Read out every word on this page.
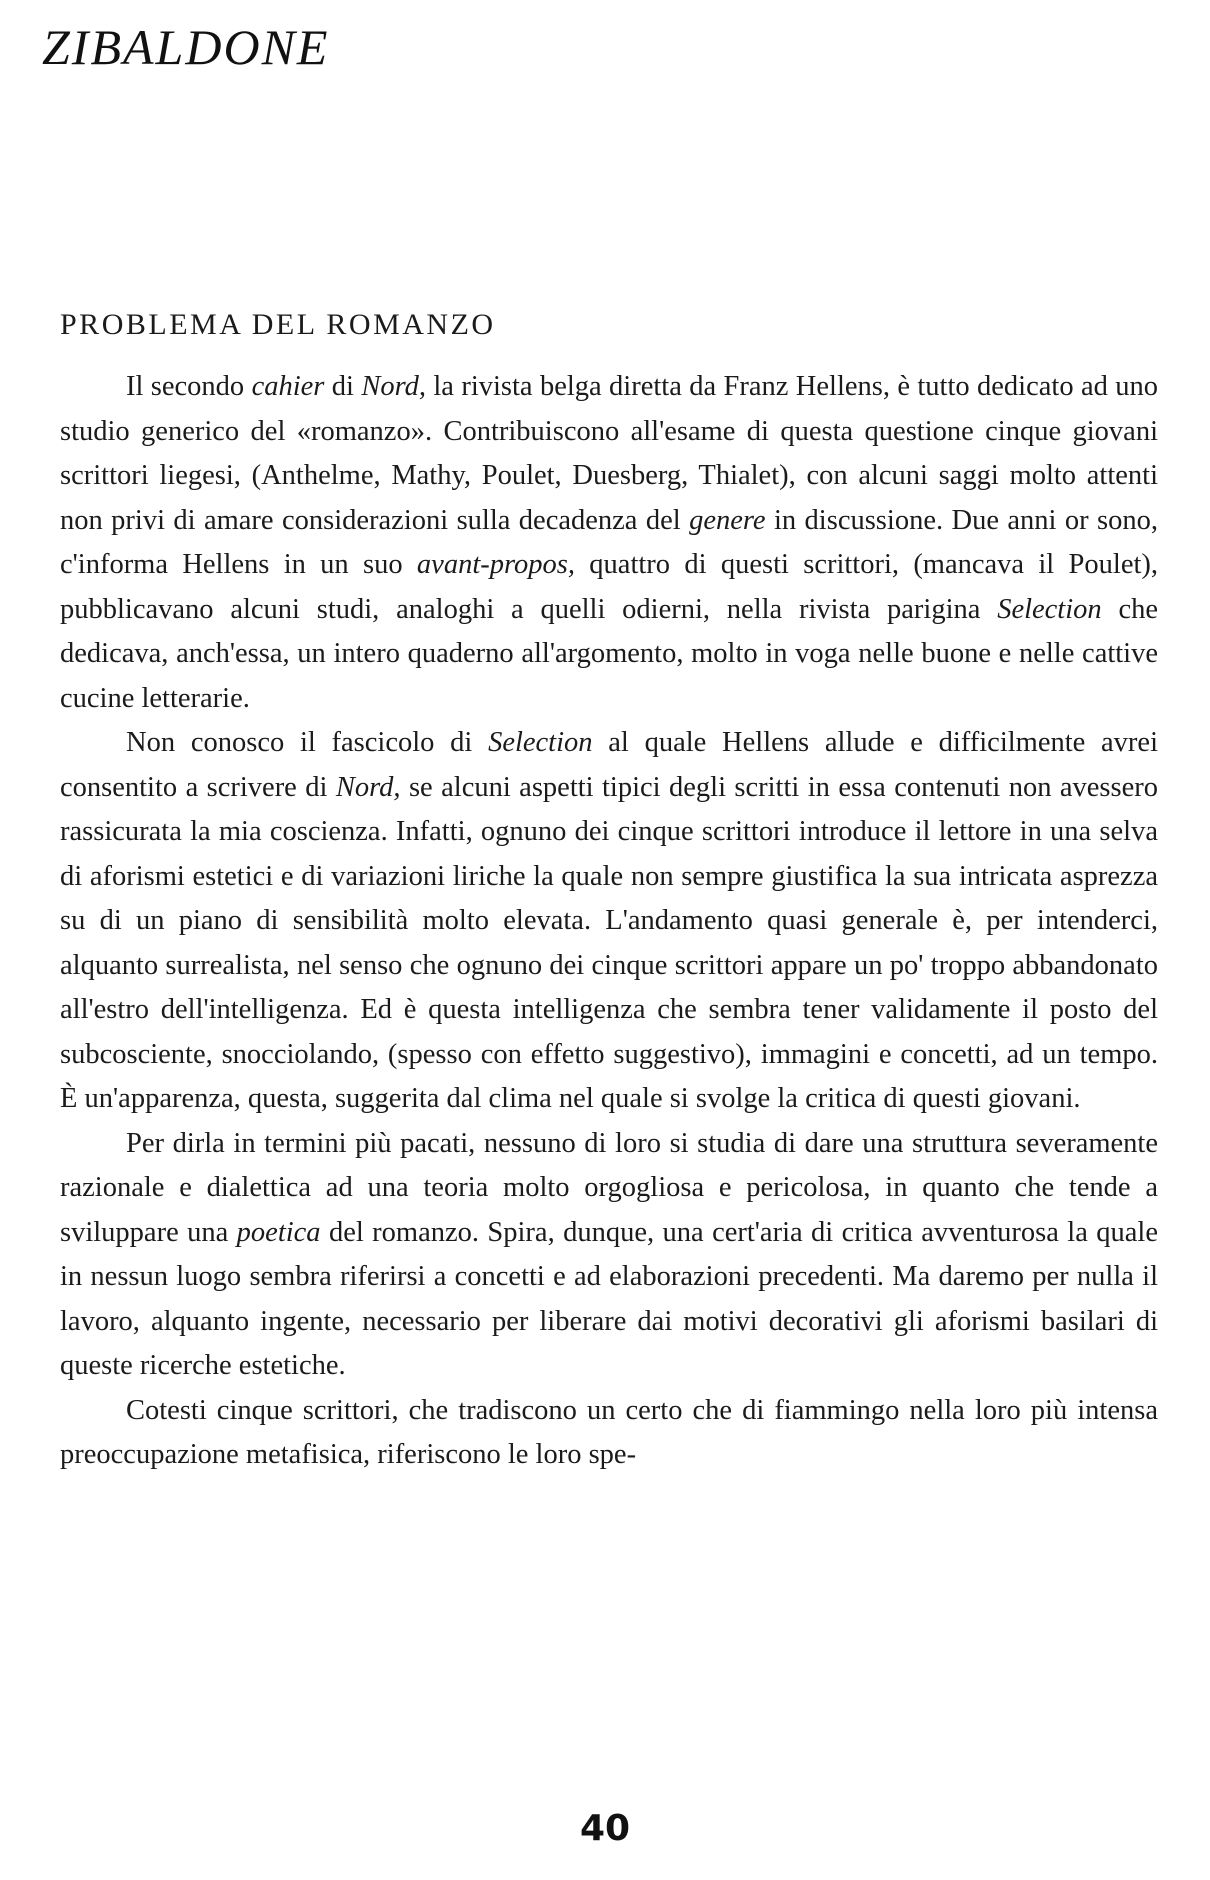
ZIBALDONE
PROBLEMA DEL ROMANZO

Il secondo cahier di Nord, la rivista belga diretta da Franz Hellens, è tutto dedicato ad uno studio generico del «romanzo». Contribuiscono all'esame di questa questione cinque giovani scrittori liegesi, (Anthelme, Mathy, Poulet, Duesberg, Thialet), con alcuni saggi molto attenti non privi di amare considerazioni sulla decadenza del genere in discussione. Due anni or sono, c'informa Hellens in un suo avant-propos, quattro di questi scrittori, (mancava il Poulet), pubblicavano alcuni studi, analoghi a quelli odierni, nella rivista parigina Selection che dedicava, anch'essa, un intero quaderno all'argomento, molto in voga nelle buone e nelle cattive cucine letterarie.

Non conosco il fascicolo di Selection al quale Hellens allude e difficilmente avrei consentito a scrivere di Nord, se alcuni aspetti tipici degli scritti in essa contenuti non avessero rassicurata la mia coscienza. Infatti, ognuno dei cinque scrittori introduce il lettore in una selva di aforismi estetici e di variazioni liriche la quale non sempre giustifica la sua intricata asprezza su di un piano di sensibilità molto elevata. L'andamento quasi generale è, per intenderci, alquanto surrealista, nel senso che ognuno dei cinque scrittori appare un po' troppo abbandonato all'estro dell'intelligenza. Ed è questa intelligenza che sembra tener validamente il posto del subcosciente, snocciolando, (spesso con effetto suggestivo), immagini e concetti, ad un tempo. È un'apparenza, questa, suggerita dal clima nel quale si svolge la critica di questi giovani.

Per dirla in termini più pacati, nessuno di loro si studia di dare una struttura severamente razionale e dialettica ad una teoria molto orgogliosa e pericolosa, in quanto che tende a sviluppare una poetica del romanzo. Spira, dunque, una cert'aria di critica avventurosa la quale in nessun luogo sembra riferirsi a concetti e ad elaborazioni precedenti. Ma daremo per nulla il lavoro, alquanto ingente, necessario per liberare dai motivi decorativi gli aforismi basilari di queste ricerche estetiche.

Cotesti cinque scrittori, che tradiscono un certo che di fiammingo nella loro più intensa preoccupazione metafisica, riferiscono le loro spe-

40
